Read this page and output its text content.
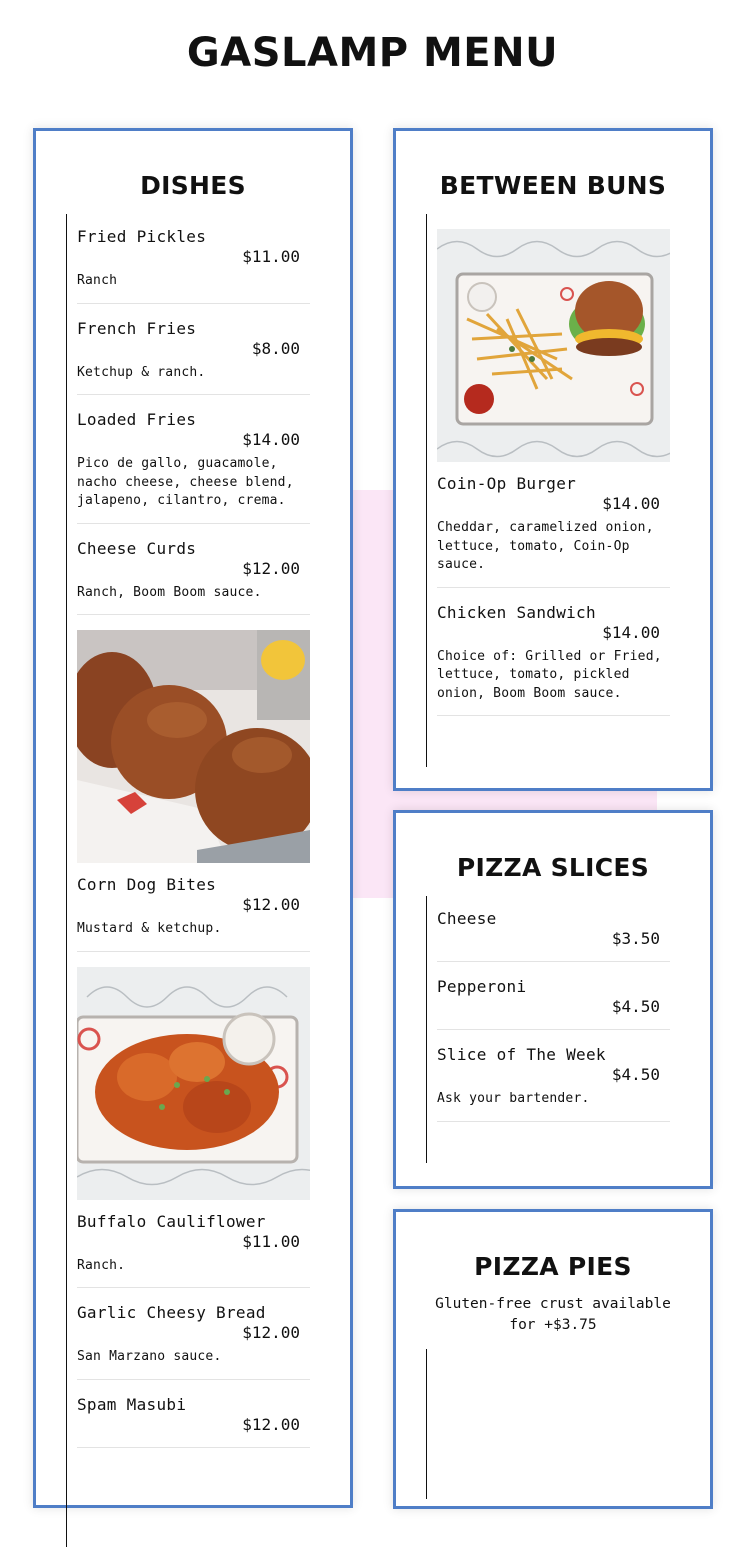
GASLAMP MENU
DISHES
Fried Pickles
$11.00
Ranch
French Fries
$8.00
Ketchup & ranch.
Loaded Fries
$14.00
Pico de gallo, guacamole, nacho cheese, cheese blend, jalapeno, cilantro, crema.
Cheese Curds
$12.00
Ranch, Boom Boom sauce.
Corn Dog Bites
$12.00
Mustard & ketchup.
Buffalo Cauliflower
$11.00
Ranch.
Garlic Cheesy Bread
$12.00
San Marzano sauce.
Spam Masubi
$12.00
BETWEEN BUNS
Coin-Op Burger
$14.00
Cheddar, caramelized onion, lettuce, tomato, Coin-Op sauce.
Chicken Sandwich
$14.00
Choice of: Grilled or Fried, lettuce, tomato, pickled onion, Boom Boom sauce.
PIZZA SLICES
Cheese
$3.50
Pepperoni
$4.50
Slice of The Week
$4.50
Ask your bartender.
PIZZA PIES

Gluten-free crust available for +$3.75
